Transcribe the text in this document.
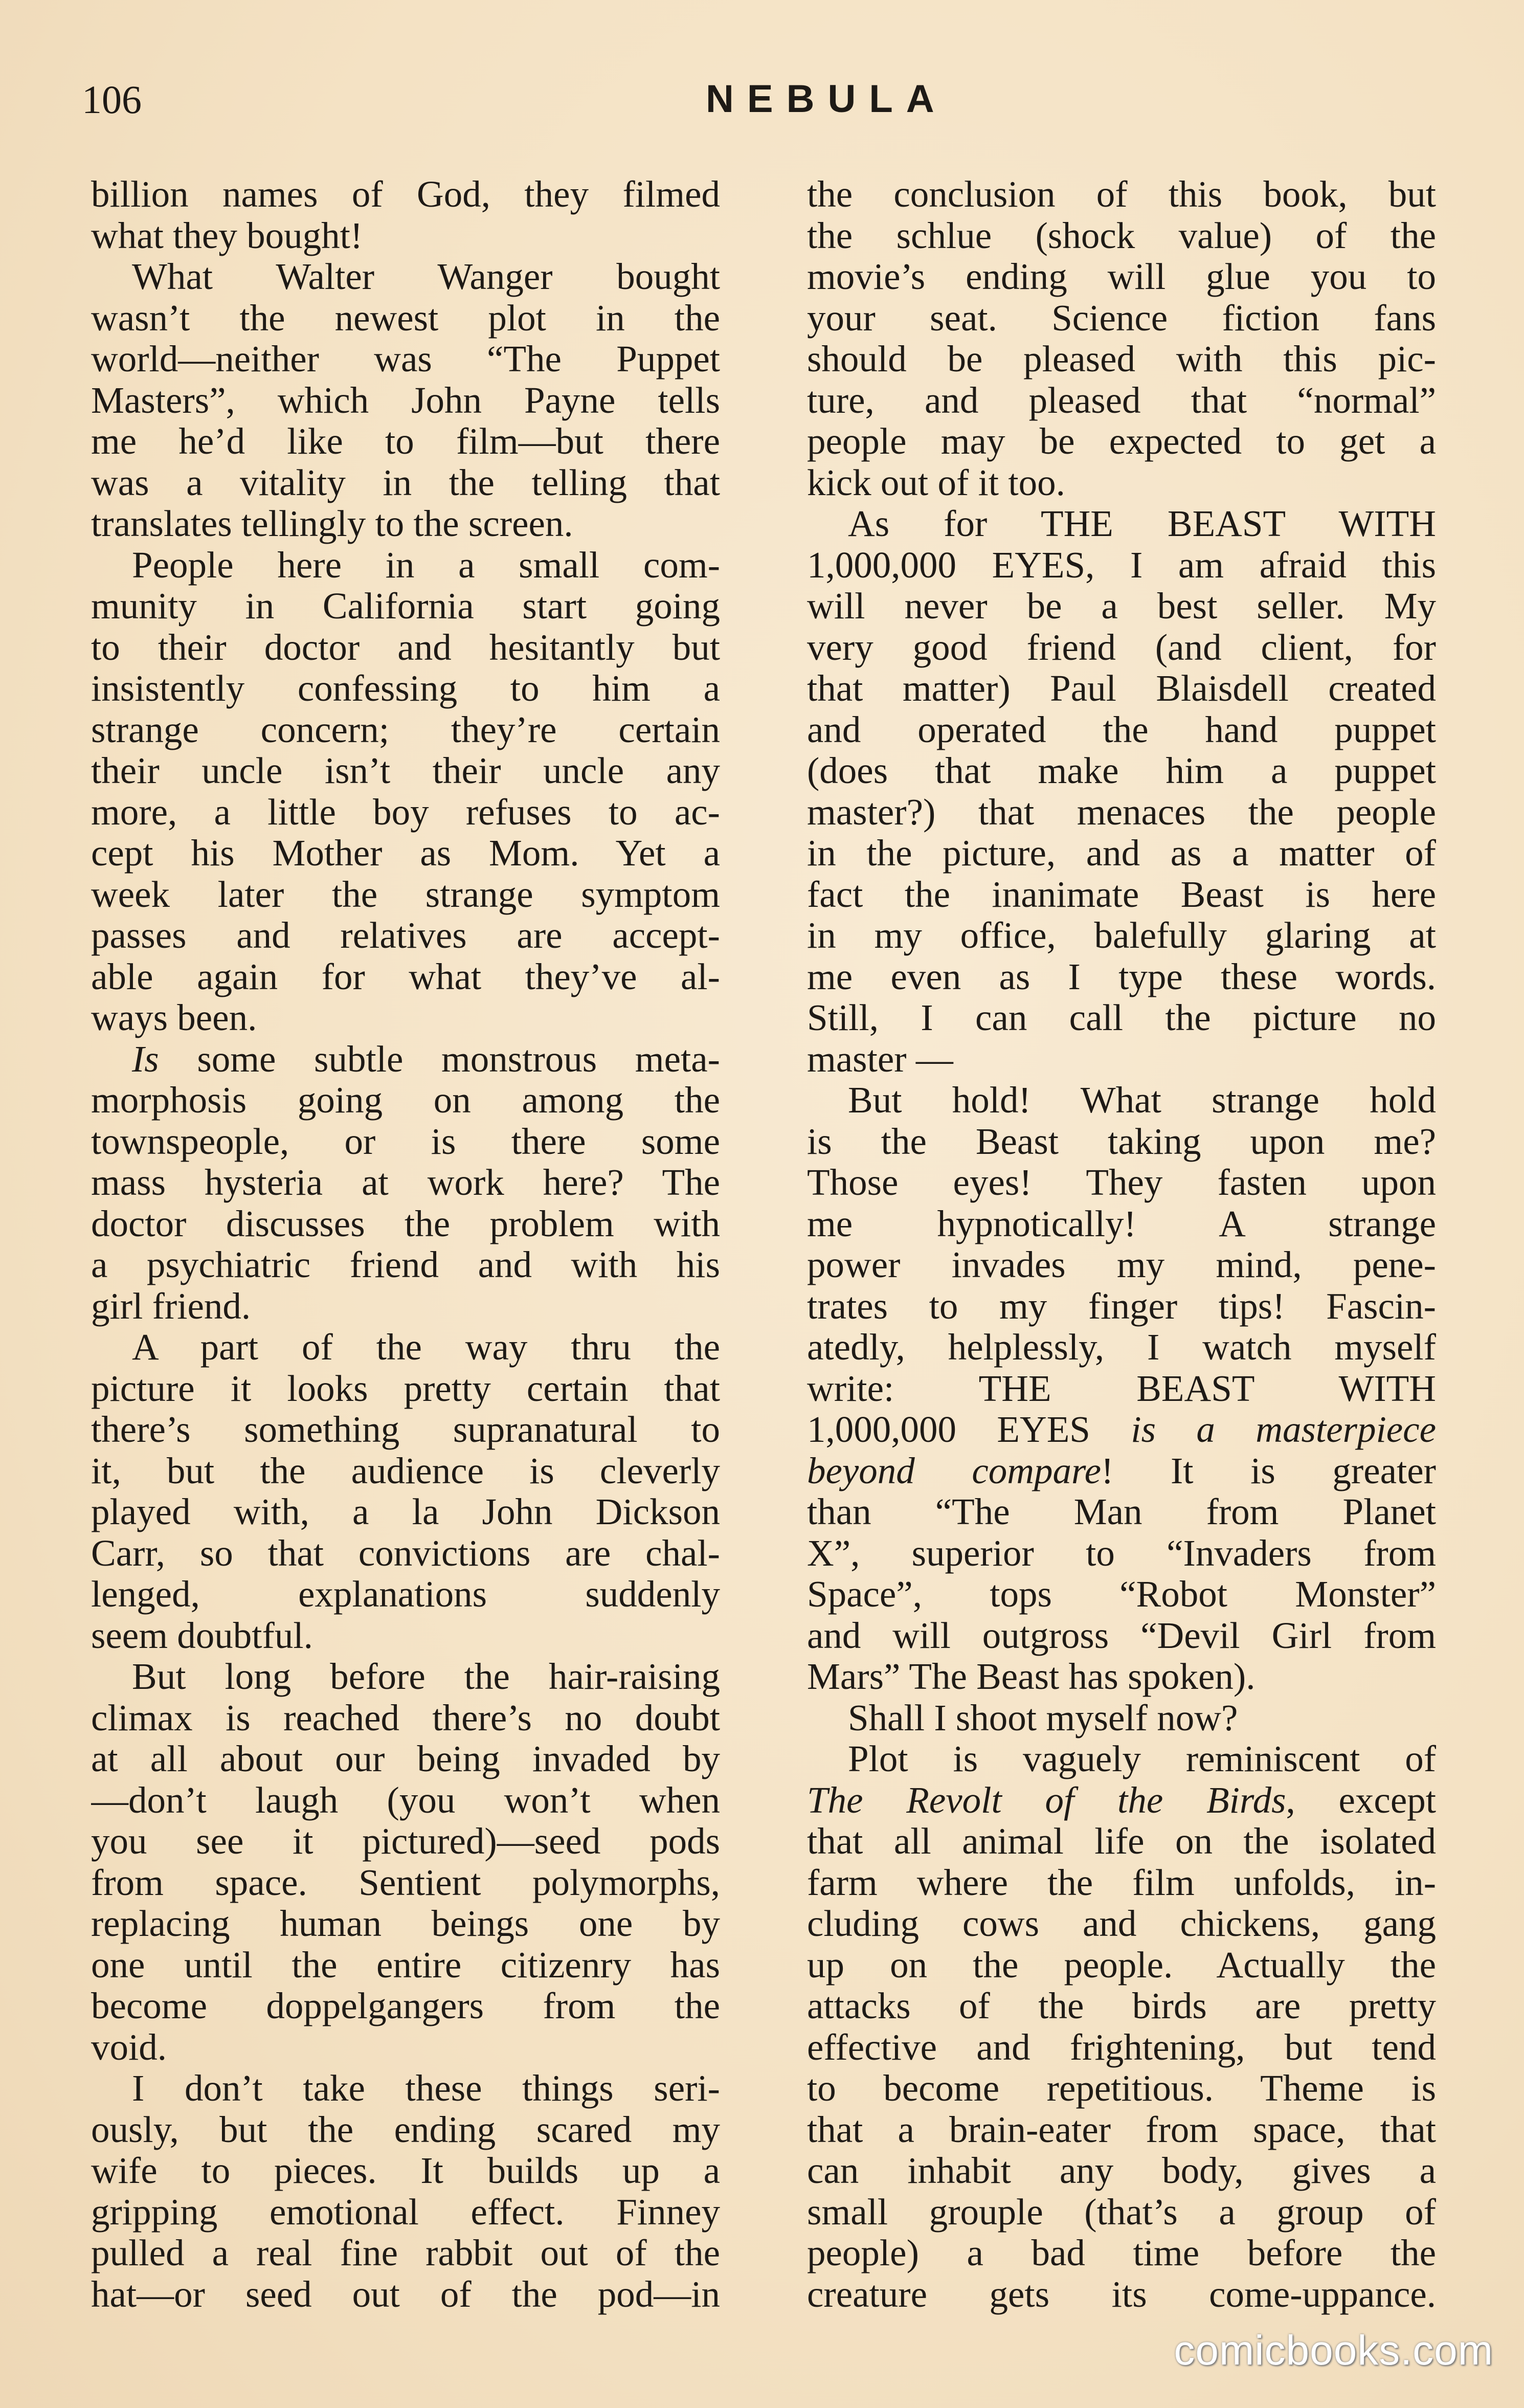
106	NEBULA
billion names of God, they filmed
what they bought!
What Walter Wanger bought
wasn’t the newest plot in the
world—neither was “The Puppet
Masters”, which John Payne tells
me he’d like to film—but there
was a vitality in the telling that
translates tellingly to the screen.
People here in a small com-
munity in California start going
to their doctor and hesitantly but
insistently confessing to him a
strange concern; they’re certain
their uncle isn’t their uncle any
more, a little boy refuses to ac-
cept his Mother as Mom. Yet a
week later the strange symptom
passes and relatives are accept-
able again for what they’ve al-
ways been.
Is some subtle monstrous meta-
morphosis going on among the
townspeople, or is there some
mass hysteria at work here? The
doctor discusses the problem with
a psychiatric friend and with his
girl friend.
A part of the way thru the
picture it looks pretty certain that
there’s something supranatural to
it, but the audience is cleverly
played with, a la John Dickson
Carr, so that convictions are chal-
lenged, explanations suddenly
seem doubtful.
But long before the hair-raising
climax is reached there’s no doubt
at all about our being invaded by
—don’t laugh (you won’t when
you see it pictured)—seed pods
from space. Sentient polymorphs,
replacing human beings one by
one until the entire citizenry has
become doppelgangers from the
void.
I don’t take these things seri-
ously, but the ending scared my
wife to pieces. It builds up a
gripping emotional effect. Finney
pulled a real fine rabbit out of the
hat—or seed out of the pod—in
the conclusion of this book, but
the schlue (shock value) of the
movie’s ending will glue you to
your seat. Science fiction fans
should be pleased with this pic-
ture, and pleased that “normal”
people may be expected to get a
kick out of it too.
As for THE BEAST WITH
1,000,000 EYES, I am afraid this
will never be a best seller. My
very good friend (and client, for
that matter) Paul Blaisdell created
and operated the hand puppet
(does that make him a puppet
master?) that menaces the people
in the picture, and as a matter of
fact the inanimate Beast is here
in my office, balefully glaring at
me even as I type these words.
Still, I can call the picture no
master —
But hold! What strange hold
is the Beast taking upon me?
Those eyes! They fasten upon
me hypnotically! A strange
power invades my mind, pene-
trates to my finger tips! Fascin-
atedly, helplessly, I watch myself
write: THE BEAST WITH
1,000,000 EYES is a masterpiece
beyond compare! It is greater
than “The Man from Planet
X”, superior to “Invaders from
Space”, tops “Robot Monster”
and will outgross “Devil Girl from
Mars” The Beast has spoken).
Shall I shoot myself now?
Plot is vaguely reminiscent of
The Revolt of the Birds, except
that all animal life on the isolated
farm where the film unfolds, in-
cluding cows and chickens, gang
up on the people. Actually the
attacks of the birds are pretty
effective and frightening, but tend
to become repetitious. Theme is
that a brain-eater from space, that
can inhabit any body, gives a
small grouple (that’s a group of
people) a bad time before the
creature gets its come-uppance.
comicbooks.com
